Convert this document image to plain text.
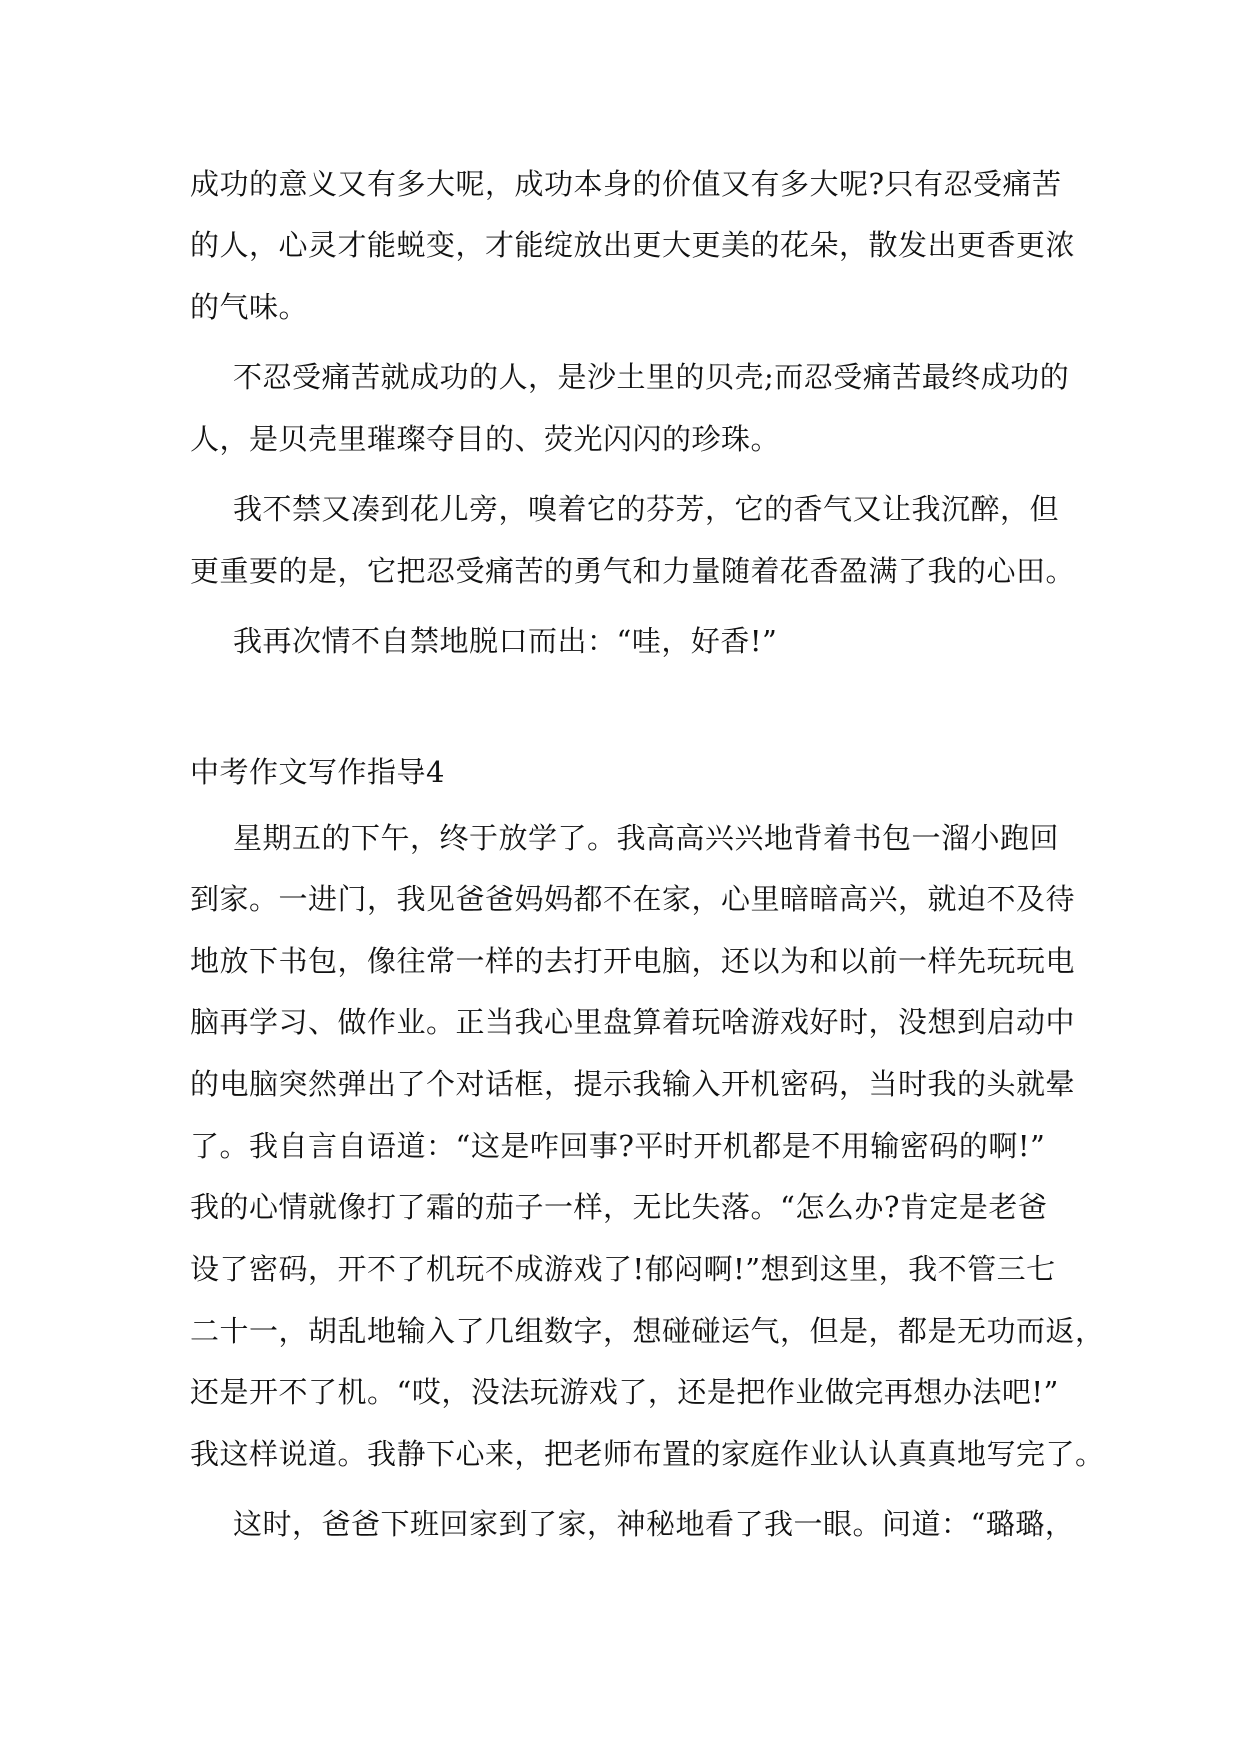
成功的意义又有多大呢，成功本身的价值又有多大呢?只有忍受痛苦
的人，心灵才能蜕变，才能绽放出更大更美的花朵，散发出更香更浓
的气味。
不忍受痛苦就成功的人，是沙土里的贝壳;而忍受痛苦最终成功的
人，是贝壳里璀璨夺目的、荧光闪闪的珍珠。
我不禁又凑到花儿旁，嗅着它的芬芳，它的香气又让我沉醉，但
更重要的是，它把忍受痛苦的勇气和力量随着花香盈满了我的心田。
我再次情不自禁地脱口而出：“哇，好香!”
中考作文写作指导4
星期五的下午，终于放学了。我高高兴兴地背着书包一溜小跑回
到家。一进门，我见爸爸妈妈都不在家，心里暗暗高兴，就迫不及待
地放下书包，像往常一样的去打开电脑，还以为和以前一样先玩玩电
脑再学习、做作业。正当我心里盘算着玩啥游戏好时，没想到启动中
的电脑突然弹出了个对话框，提示我输入开机密码，当时我的头就晕
了。我自言自语道：“这是咋回事?平时开机都是不用输密码的啊!”
我的心情就像打了霜的茄子一样，无比失落。“怎么办?肯定是老爸
设了密码，开不了机玩不成游戏了!郁闷啊!”想到这里，我不管三七
二十一，胡乱地输入了几组数字，想碰碰运气，但是，都是无功而返，
还是开不了机。“哎，没法玩游戏了，还是把作业做完再想办法吧!”
我这样说道。我静下心来，把老师布置的家庭作业认认真真地写完了。
这时，爸爸下班回家到了家，神秘地看了我一眼。问道：“璐璐，
